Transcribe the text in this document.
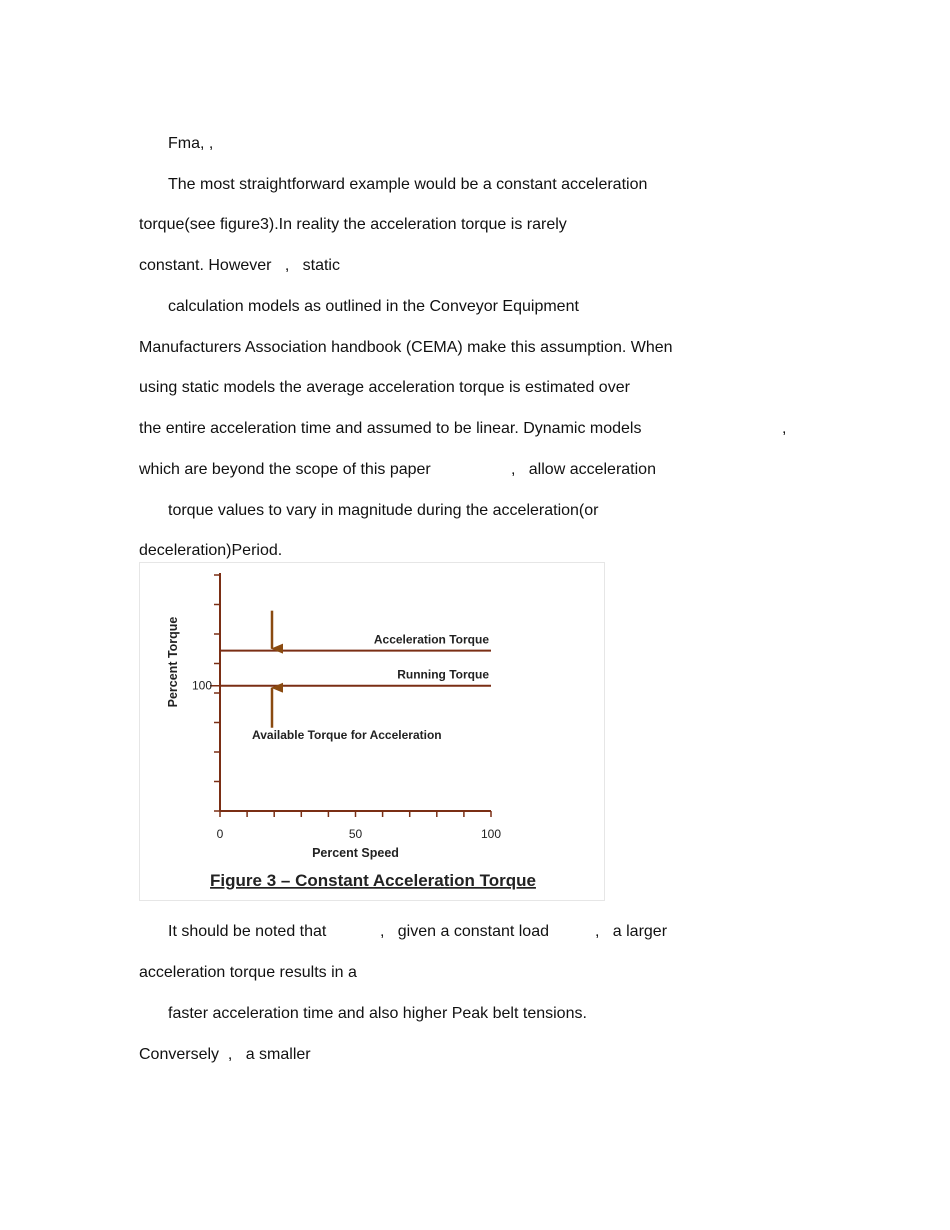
Fma, ,
The most straightforward example would be a constant acceleration
torque(see figure3).In reality the acceleration torque is rarely
constant. However   ,   static
calculation models as outlined in the Conveyor Equipment
Manufacturers Association handbook (CEMA) make this assumption. When
using static models the average acceleration torque is estimated over
the entire acceleration time and assumed to be linear. Dynamic models	,
which are beyond the scope of this paper	,   allow acceleration
torque values to vary in magnitude during the acceleration(or
deceleration)Period.
0	50	100
100
Acceleration Torque
Running Torque
Available Torque for Acceleration
Percent Speed
Percent Torque
Figure 3 – Constant Acceleration Torque
It should be noted that	,   given a constant load	,   a larger
acceleration torque results in a
faster acceleration time and also higher Peak belt tensions.
Conversely  ,   a smaller
